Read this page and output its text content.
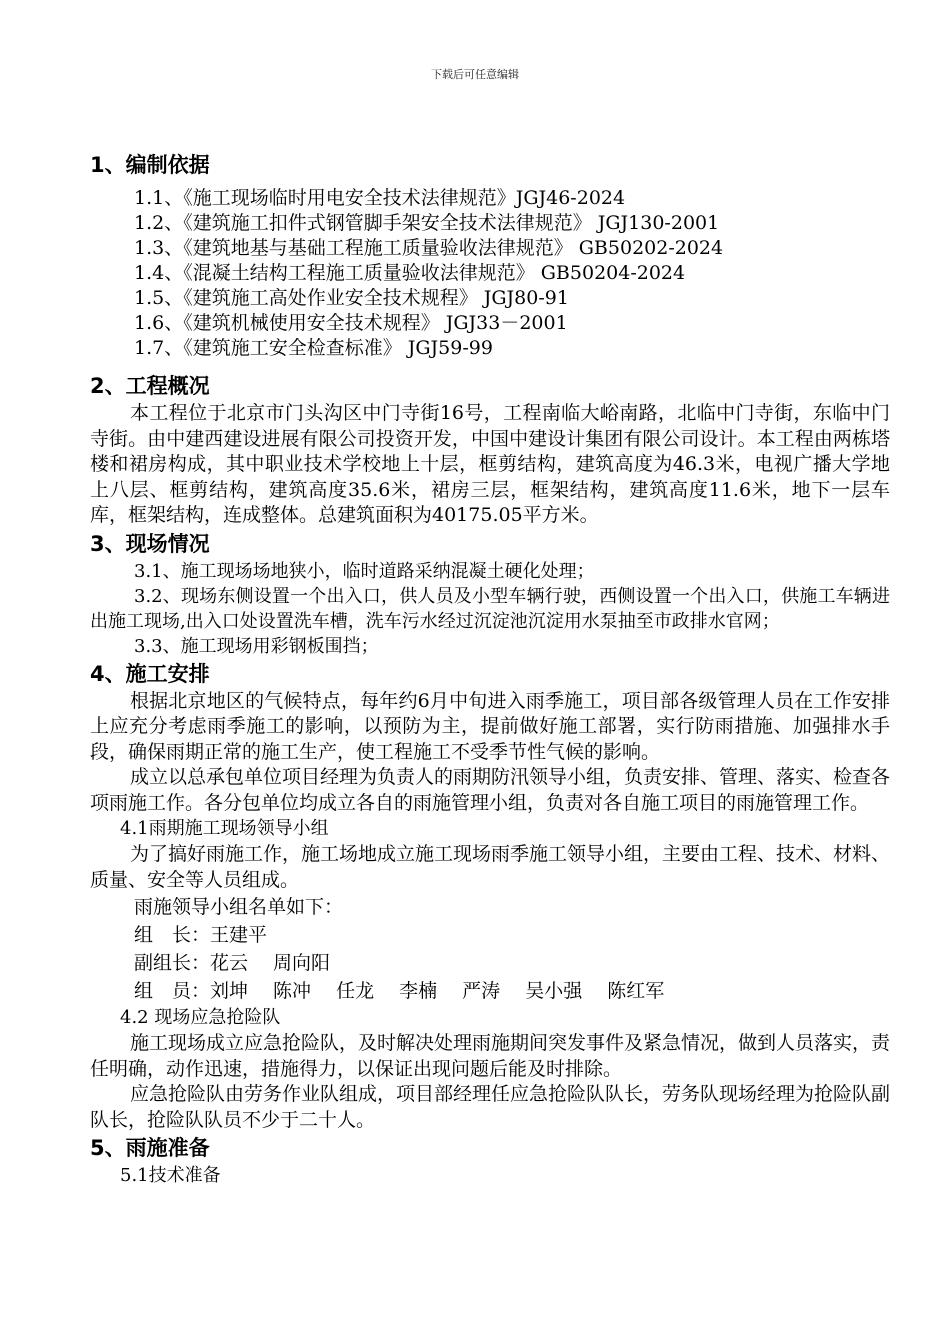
下载后可任意编辑
1、编制依据

1.1、《施工现场临时用电安全技术法律规范》JGJ46-2024

1.2、《建筑施工扣件式钢管脚手架安全技术法律规范》 JGJ130-2001

1.3、《建筑地基与基础工程施工质量验收法律规范》 GB50202-2024

1.4、《混凝土结构工程施工质量验收法律规范》 GB50204-2024

1.5、《建筑施工高处作业安全技术规程》 JGJ80-91

1.6、《建筑机械使用安全技术规程》 JGJ33－2001

1.7、《建筑施工安全检查标准》 JGJ59-99

2、工程概况

本工程位于北京市门头沟区中门寺街16号，工程南临大峪南路，北临中门寺街，东临中门寺街。由中建西建设进展有限公司投资开发，中国中建设计集团有限公司设计。本工程由两栋塔楼和裙房构成，其中职业技术学校地上十层，框剪结构，建筑高度为46.3米，电视广播大学地上八层、框剪结构，建筑高度35.6米，裙房三层，框架结构，建筑高度11.6米，地下一层车库，框架结构，连成整体。总建筑面积为40175.05平方米。

3、现场情况

3.1、施工现场场地狭小，临时道路采纳混凝土硬化处理；

3.2、现场东侧设置一个出入口，供人员及小型车辆行驶，西侧设置一个出入口，供施工车辆进出施工现场,出入口处设置洗车槽，洗车污水经过沉淀池沉淀用水泵抽至市政排水官网；

3.3、施工现场用彩钢板围挡；

4、施工安排

根据北京地区的气候特点，每年约6月中旬进入雨季施工，项目部各级管理人员在工作安排上应充分考虑雨季施工的影响，以预防为主，提前做好施工部署，实行防雨措施、加强排水手段，确保雨期正常的施工生产，使工程施工不受季节性气候的影响。

成立以总承包单位项目经理为负责人的雨期防汛领导小组，负责安排、管理、落实、检查各项雨施工作。各分包单位均成立各自的雨施管理小组，负责对各自施工项目的雨施管理工作。

4.1雨期施工现场领导小组

为了搞好雨施工作，施工场地成立施工现场雨季施工领导小组，主要由工程、技术、材料、质量、安全等人员组成。

雨施领导小组名单如下：

组　长：王建平

副组长：花云　 周向阳

组　员：刘坤　 陈冲　 任龙　 李楠　 严涛　 吴小强　 陈红军

4.2 现场应急抢险队

施工现场成立应急抢险队，及时解决处理雨施期间突发事件及紧急情况，做到人员落实，责任明确，动作迅速，措施得力，以保证出现问题后能及时排除。

应急抢险队由劳务作业队组成，项目部经理任应急抢险队队长，劳务队现场经理为抢险队副队长，抢险队队员不少于二十人。

5、雨施准备

5.1技术准备
